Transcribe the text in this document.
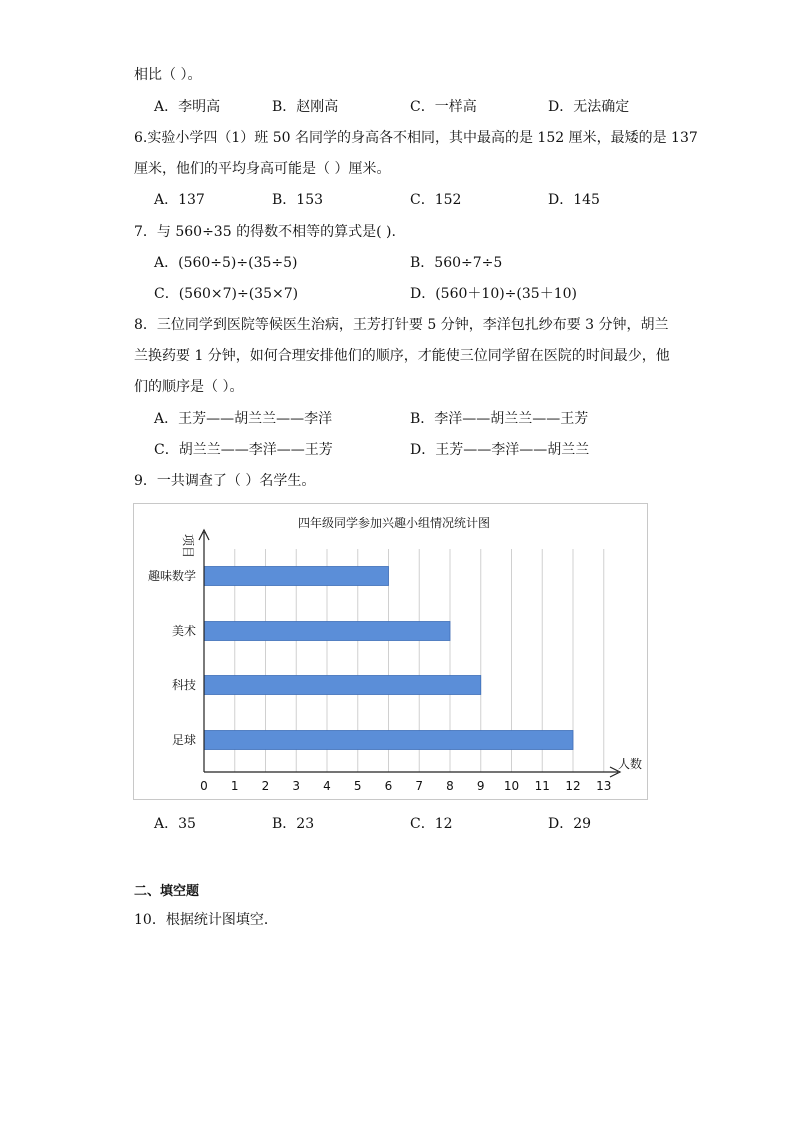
相比（ ）。
A．李明高	B．赵刚高	C．一样高	D．无法确定
6.实验小学四（1）班 50 名同学的身高各不相同，其中最高的是 152 厘米，最矮的是 137
厘米，他们的平均身高可能是（ ）厘米。
A．137	B．153	C．152	D．145
7．与 560÷35 的得数不相等的算式是( ).
A．(560÷5)÷(35÷5)	B．560÷7÷5
C．(560×7)÷(35×7)	D．(560＋10)÷(35＋10)
8．三位同学到医院等候医生治病，王芳打针要 5 分钟，李洋包扎纱布要 3 分钟，胡兰
兰换药要 1 分钟，如何合理安排他们的顺序，才能使三位同学留在医院的时间最少，他
们的顺序是（ ）。
A．王芳——胡兰兰——李洋	B．李洋——胡兰兰——王芳
C．胡兰兰——李洋——王芳	D．王芳——李洋——胡兰兰
9．一共调查了（ ）名学生。
四年级同学参加兴趣小组情况统计图
项目
人数
0 1 2 3 4 5 6 7 8 9 10 11 12 13
趣味数学
美术
科技
足球
A．35	B．23	C．12	D．29
二、填空题
10．根据统计图填空．
